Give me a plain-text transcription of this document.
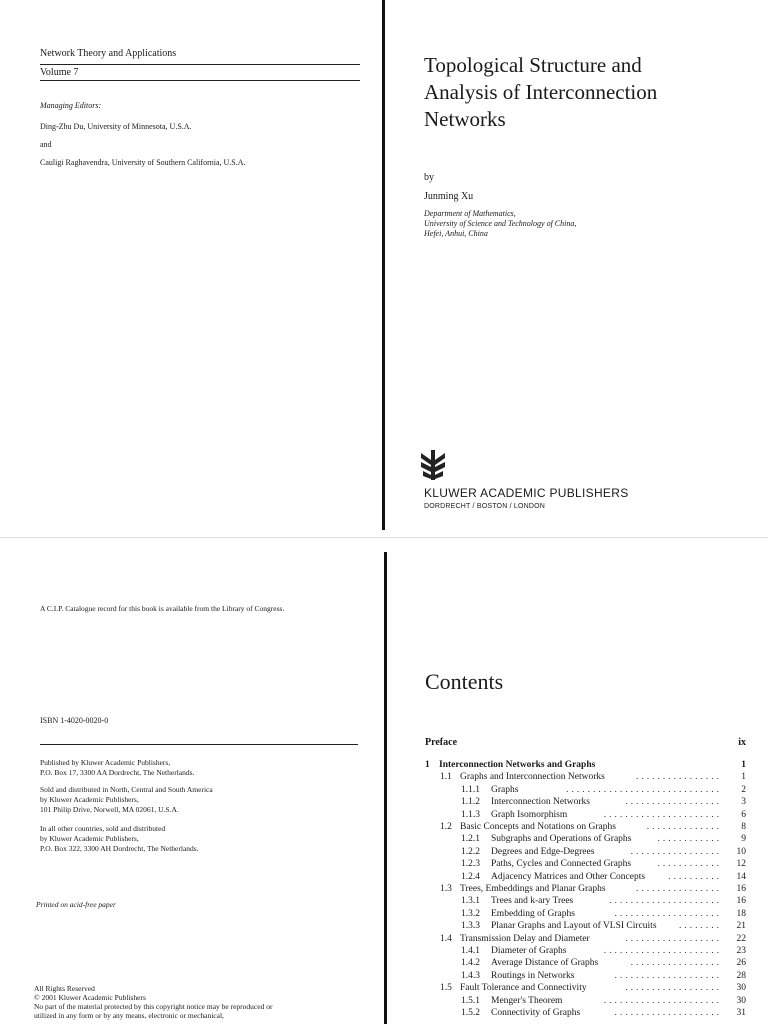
Network Theory and Applications
Volume 7
Managing Editors:
Ding-Zhu Du, University of Minnesota, U.S.A.
and
Cauligi Raghavendra, University of Southern California, U.S.A.
Topological Structure and
Analysis of Interconnection
Networks
by
Junming Xu
Department of Mathematics,
University of Science and Technology of China,
Hefei, Anhui, China
KLUWER ACADEMIC PUBLISHERS
DORDRECHT / BOSTON / LONDON
A C.I.P. Catalogue record for this book is available from the Library of Congress.
ISBN 1-4020-0020-0
Published by Kluwer Academic Publishers,
P.O. Box 17, 3300 AA Dordrecht, The Netherlands.
Sold and distributed in North, Central and South America
by Kluwer Academic Publishers,
101 Philip Drive, Norwell, MA 02061, U.S.A.
In all other countries, sold and distributed
by Kluwer Academic Publishers,
P.O. Box 322, 3300 AH Dordrecht, The Netherlands.
Printed on acid-free paper
All Rights Reserved
© 2001 Kluwer Academic Publishers
No part of the material protected by this copyright notice may be reproduced or
utilized in any form or by any means, electronic or mechanical,
Contents
Preface	ix
1 Interconnection Networks and Graphs	1
1.1 Graphs and Interconnection Networks	................	1
1.1.1 Graphs	.............................	2
1.1.2 Interconnection Networks	..................	3
1.1.3 Graph Isomorphism	......................	6
1.2 Basic Concepts and Notations on Graphs	..............	8
1.2.1 Subgraphs and Operations of Graphs	............	9
1.2.2 Degrees and Edge-Degrees	.................	10
1.2.3 Paths, Cycles and Connected Graphs	............	12
1.2.4 Adjacency Matrices and Other Concepts ..........	14
1.3 Trees, Embeddings and Planar Graphs	................	16
1.3.1 Trees and k-ary Trees	.....................	16
1.3.2 Embedding of Graphs	....................	18
1.3.3 Planar Graphs and Layout of VLSI Circuits ........	21
1.4 Transmission Delay and Diameter	..................	22
1.4.1 Diameter of Graphs	......................	23
1.4.2 Average Distance of Graphs	.................	26
1.4.3 Routings in Networks	....................	28
1.5 Fault Tolerance and Connectivity	..................	30
1.5.1 Menger's Theorem	......................	30
1.5.2 Connectivity of Graphs	....................	31
